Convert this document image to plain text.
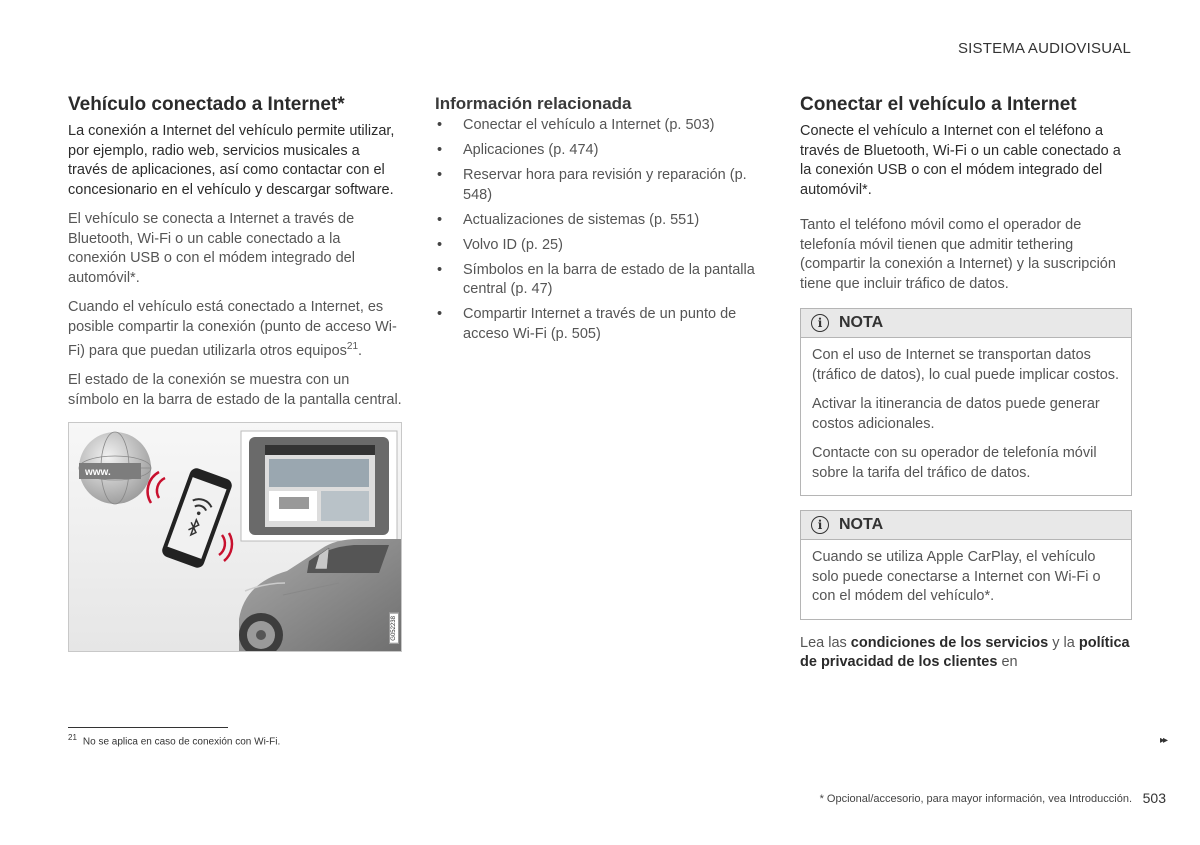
SISTEMA AUDIOVISUAL
Vehículo conectado a Internet*

La conexión a Internet del vehículo permite utilizar, por ejemplo, radio web, servicios musicales a través de aplicaciones, así como contactar con el concesionario en el vehículo y descargar software.

El vehículo se conecta a Internet a través de Bluetooth, Wi-Fi o un cable conectado a la conexión USB o con el módem integrado del automóvil*.

Cuando el vehículo está conectado a Internet, es posible compartir la conexión (punto de acceso Wi-Fi) para que puedan utilizarla otros equipos$^{21}$.

El estado de la conexión se muestra con un símbolo en la barra de estado de la pantalla central.

www.
G052238
Información relacionada
• Conectar el vehículo a Internet (p. 503)
• Aplicaciones (p. 474)
• Reservar hora para revisión y reparación (p. 548)
• Actualizaciones de sistemas (p. 551)
• Volvo ID (p. 25)
• Símbolos en la barra de estado de la pantalla central (p. 47)
• Compartir Internet a través de un punto de acceso Wi-Fi (p. 505)
Conectar el vehículo a Internet

Conecte el vehículo a Internet con el teléfono a través de Bluetooth, Wi-Fi o un cable conectado a la conexión USB o con el módem integrado del automóvil*.

Tanto el teléfono móvil como el operador de telefonía móvil tienen que admitir tethering (compartir la conexión a Internet) y la suscripción tiene que incluir tráfico de datos.

i	NOTA

Con el uso de Internet se transportan datos (tráfico de datos), lo cual puede implicar costos.

Activar la itinerancia de datos puede generar costos adicionales.

Contacte con su operador de telefonía móvil sobre la tarifa del tráfico de datos.

i	NOTA

Cuando se utiliza Apple CarPlay, el vehículo solo puede conectarse a Internet con Wi-Fi o con el módem del vehículo*.

Lea las condiciones de los servicios y la política de privacidad de los clientes en

$^{21}$ No se aplica en caso de conexión con Wi-Fi.	▸▸
* Opcional/accesorio, para mayor información, vea Introducción. 503
